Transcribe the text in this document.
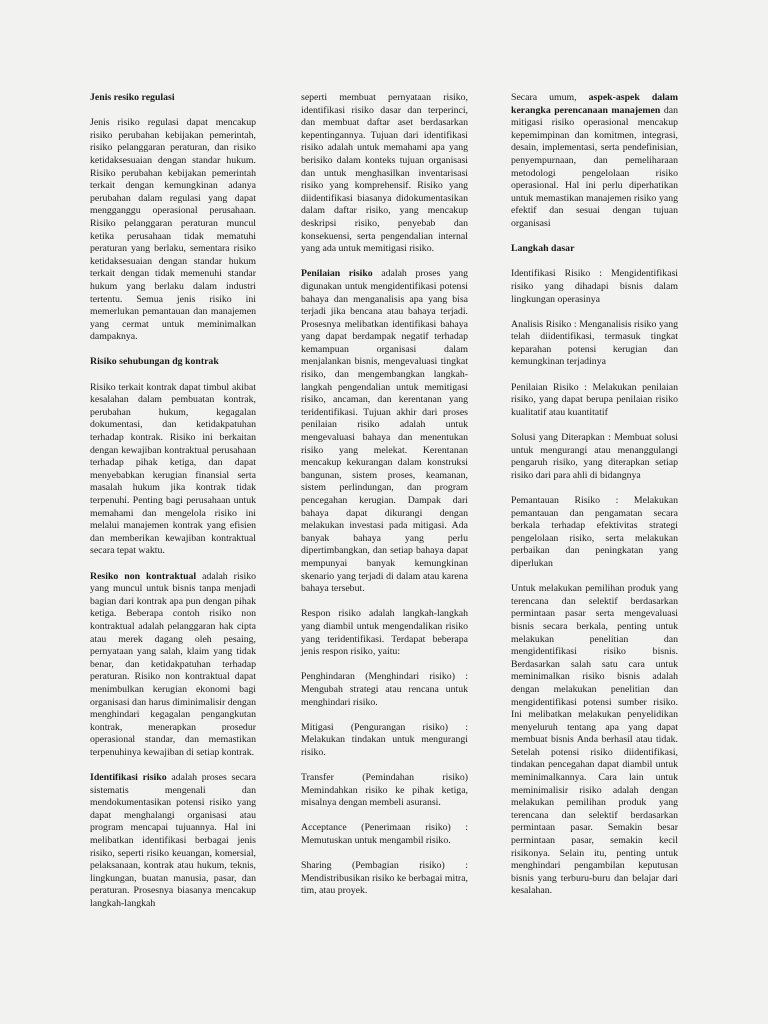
Jenis resiko regulasi

Jenis risiko regulasi dapat mencakup risiko perubahan kebijakan pemerintah, risiko pelanggaran peraturan, dan risiko ketidaksesuaian dengan standar hukum. Risiko perubahan kebijakan pemerintah terkait dengan kemungkinan adanya perubahan dalam regulasi yang dapat mengganggu operasional perusahaan. Risiko pelanggaran peraturan muncul ketika perusahaan tidak mematuhi peraturan yang berlaku, sementara risiko ketidaksesuaian dengan standar hukum terkait dengan tidak memenuhi standar hukum yang berlaku dalam industri tertentu. Semua jenis risiko ini memerlukan pemantauan dan manajemen yang cermat untuk meminimalkan dampaknya.

Risiko sehubungan dg kontrak

Risiko terkait kontrak dapat timbul akibat kesalahan dalam pembuatan kontrak, perubahan hukum, kegagalan dokumentasi, dan ketidakpatuhan terhadap kontrak. Risiko ini berkaitan dengan kewajiban kontraktual perusahaan terhadap pihak ketiga, dan dapat menyebabkan kerugian finansial serta masalah hukum jika kontrak tidak terpenuhi. Penting bagi perusahaan untuk memahami dan mengelola risiko ini melalui manajemen kontrak yang efisien dan memberikan kewajiban kontraktual secara tepat waktu.

Resiko non kontraktual adalah risiko yang muncul untuk bisnis tanpa menjadi bagian dari kontrak apa pun dengan pihak ketiga. Beberapa contoh risiko non kontraktual adalah pelanggaran hak cipta atau merek dagang oleh pesaing, pernyataan yang salah, klaim yang tidak benar, dan ketidakpatuhan terhadap peraturan. Risiko non kontraktual dapat menimbulkan kerugian ekonomi bagi organisasi dan harus diminimalisir dengan menghindari kegagalan pengangkutan kontrak, menerapkan prosedur operasional standar, dan memastikan terpenuhinya kewajiban di setiap kontrak.

Identifikasi risiko adalah proses secara sistematis mengenali dan mendokumentasikan potensi risiko yang dapat menghalangi organisasi atau program mencapai tujuannya. Hal ini melibatkan identifikasi berbagai jenis risiko, seperti risiko keuangan, komersial, pelaksanaan, kontrak atau hukum, teknis, lingkungan, buatan manusia, pasar, dan peraturan. Prosesnya biasanya mencakup langkah-langkah

seperti membuat pernyataan risiko, identifikasi risiko dasar dan terperinci, dan membuat daftar aset berdasarkan kepentingannya. Tujuan dari identifikasi risiko adalah untuk memahami apa yang berisiko dalam konteks tujuan organisasi dan untuk menghasilkan inventarisasi risiko yang komprehensif. Risiko yang diidentifikasi biasanya didokumentasikan dalam daftar risiko, yang mencakup deskripsi risiko, penyebab dan konsekuensi, serta pengendalian internal yang ada untuk memitigasi risiko.

Penilaian risiko adalah proses yang digunakan untuk mengidentifikasi potensi bahaya dan menganalisis apa yang bisa terjadi jika bencana atau bahaya terjadi. Prosesnya melibatkan identifikasi bahaya yang dapat berdampak negatif terhadap kemampuan organisasi dalam menjalankan bisnis, mengevaluasi tingkat risiko, dan mengembangkan langkah-langkah pengendalian untuk memitigasi risiko, ancaman, dan kerentanan yang teridentifikasi. Tujuan akhir dari proses penilaian risiko adalah untuk mengevaluasi bahaya dan menentukan risiko yang melekat. Kerentanan mencakup kekurangan dalam konstruksi bangunan, sistem proses, keamanan, sistem perlindungan, dan program pencegahan kerugian. Dampak dari bahaya dapat dikurangi dengan melakukan investasi pada mitigasi. Ada banyak bahaya yang perlu dipertimbangkan, dan setiap bahaya dapat mempunyai banyak kemungkinan skenario yang terjadi di dalam atau karena bahaya tersebut.

Respon risiko adalah langkah-langkah yang diambil untuk mengendalikan risiko yang teridentifikasi. Terdapat beberapa jenis respon risiko, yaitu:

Penghindaran (Menghindari risiko) : Mengubah strategi atau rencana untuk menghindari risiko.

Mitigasi (Pengurangan risiko) : Melakukan tindakan untuk mengurangi risiko.

Transfer (Pemindahan risiko) Memindahkan risiko ke pihak ketiga, misalnya dengan membeli asuransi.

Acceptance (Penerimaan risiko) : Memutuskan untuk mengambil risiko.

Sharing (Pembagian risiko) : Mendistribusikan risiko ke berbagai mitra, tim, atau proyek.

Secara umum, aspek-aspek dalam kerangka perencanaan manajemen dan mitigasi risiko operasional mencakup kepemimpinan dan komitmen, integrasi, desain, implementasi, serta pendefinisian, penyempurnaan, dan pemeliharaan metodologi pengelolaan risiko operasional. Hal ini perlu diperhatikan untuk memastikan manajemen risiko yang efektif dan sesuai dengan tujuan organisasi

Langkah dasar

Identifikasi Risiko : Mengidentifikasi risiko yang dihadapi bisnis dalam lingkungan operasinya

Analisis Risiko : Menganalisis risiko yang telah diidentifikasi, termasuk tingkat keparahan potensi kerugian dan kemungkinan terjadinya

Penilaian Risiko : Melakukan penilaian risiko, yang dapat berupa penilaian risiko kualitatif atau kuantitatif

Solusi yang Diterapkan : Membuat solusi untuk mengurangi atau menanggulangi pengaruh risiko, yang diterapkan setiap risiko dari para ahli di bidangnya

Pemantauan Risiko : Melakukan pemantauan dan pengamatan secara berkala terhadap efektivitas strategi pengelolaan risiko, serta melakukan perbaikan dan peningkatan yang diperlukan

Untuk melakukan pemilihan produk yang terencana dan selektif berdasarkan permintaan pasar serta mengevaluasi bisnis secara berkala, penting untuk melakukan penelitian dan mengidentifikasi risiko bisnis. Berdasarkan salah satu cara untuk meminimalkan risiko bisnis adalah dengan melakukan penelitian dan mengidentifikasi potensi sumber risiko. Ini melibatkan melakukan penyelidikan menyeluruh tentang apa yang dapat membuat bisnis Anda berhasil atau tidak. Setelah potensi risiko diidentifikasi, tindakan pencegahan dapat diambil untuk meminimalkannya. Cara lain untuk meminimalisir risiko adalah dengan melakukan pemilihan produk yang terencana dan selektif berdasarkan permintaan pasar. Semakin besar permintaan pasar, semakin kecil risikonya. Selain itu, penting untuk menghindari pengambilan keputusan bisnis yang terburu-buru dan belajar dari kesalahan.
